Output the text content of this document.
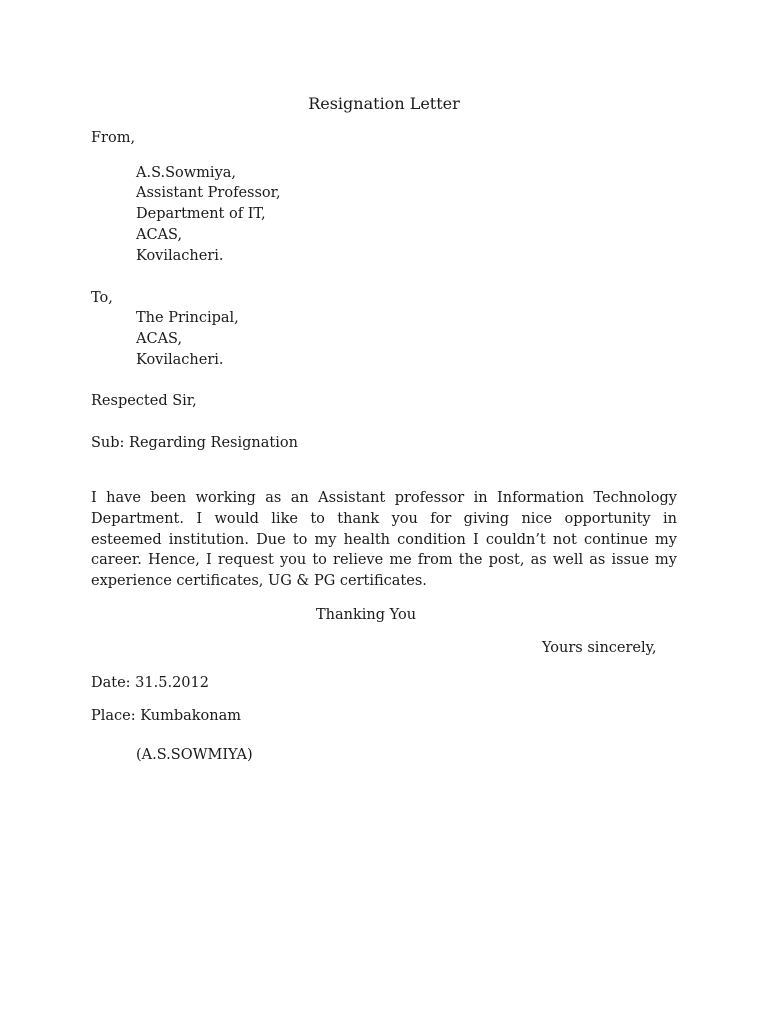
Resignation Letter
From,
A.S.Sowmiya,
Assistant Professor,
Department of IT,
ACAS,
Kovilacheri.
To,
The Principal,
ACAS,
Kovilacheri.
Respected Sir,
Sub: Regarding Resignation
I have been working as an Assistant professor in Information Technology
Department. I would like to thank you for giving nice opportunity in
esteemed institution. Due to my health condition I couldn’t not continue my
career. Hence, I request you to relieve me from the post, as well as issue my
experience certificates, UG & PG certificates.
Thanking You
Yours sincerely,
Date: 31.5.2012
Place: Kumbakonam
(A.S.SOWMIYA)
